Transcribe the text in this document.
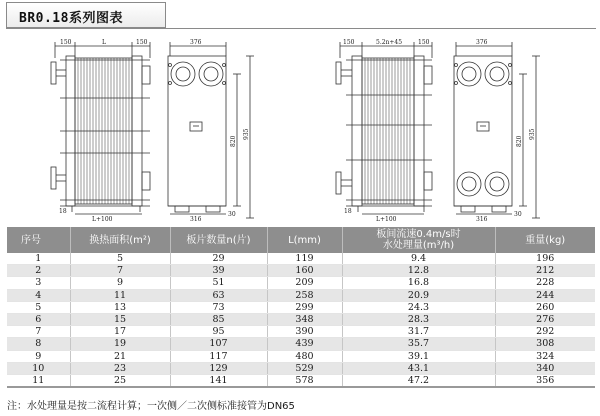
BR0.18系列图表
150	L	150	376
820
935
18
L+100	316
30
150	5.2n+45	150	376
820
935
18
L+100	316
30
序号	换热面积(m²)	板片数量n(片)	L(mm)	板间流速0.4m/s时
水处理量(m³/h)	重量(kg)
1	5	29	119	9.4	196
2	7	39	160	12.8	212
3	9	51	209	16.8	228
4	11	63	258	20.9	244
5	13	73	299	24.3	260
6	15	85	348	28.3	276
7	17	95	390	31.7	292
8	19	107	439	35.7	308
9	21	117	480	39.1	324
10	23	129	529	43.1	340
11	25	141	578	47.2	356
注：水处理量是按二流程计算；一次侧／二次侧标准接管为DN65
